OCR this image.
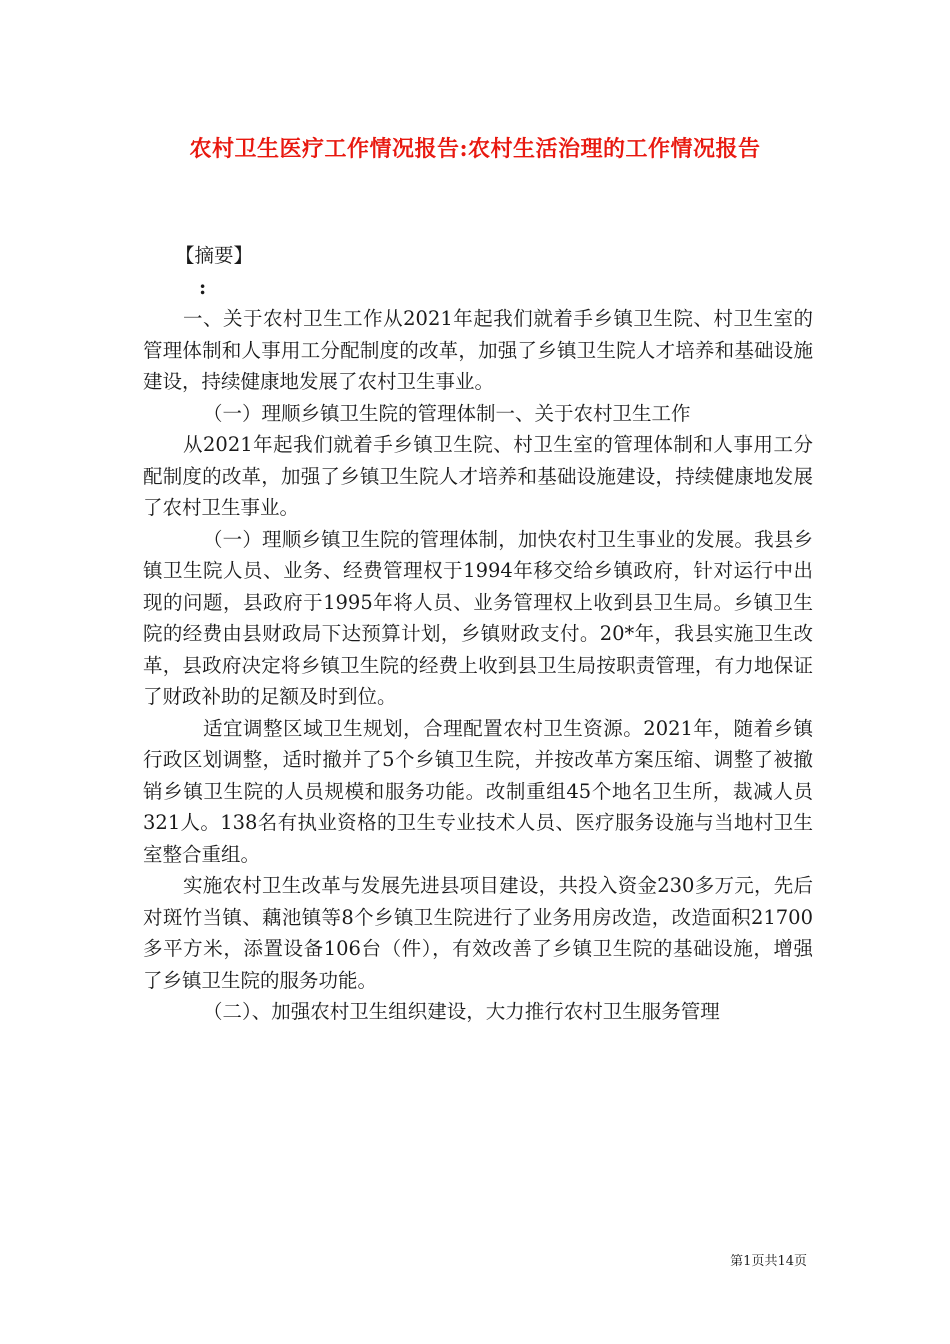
农村卫生医疗工作情况报告:农村生活治理的工作情况报告

【摘要】

:

一、关于农村卫生工作从2021年起我们就着手乡镇卫生院、村卫生室的管理体制和人事用工分配制度的改革，加强了乡镇卫生院人才培养和基础设施建设，持续健康地发展了农村卫生事业。

（一）理顺乡镇卫生院的管理体制一、关于农村卫生工作

从2021年起我们就着手乡镇卫生院、村卫生室的管理体制和人事用工分配制度的改革，加强了乡镇卫生院人才培养和基础设施建设，持续健康地发展了农村卫生事业。

（一）理顺乡镇卫生院的管理体制，加快农村卫生事业的发展。我县乡镇卫生院人员、业务、经费管理权于1994年移交给乡镇政府，针对运行中出现的问题，县政府于1995年将人员、业务管理权上收到县卫生局。乡镇卫生院的经费由县财政局下达预算计划，乡镇财政支付。20*年，我县实施卫生改革，县政府决定将乡镇卫生院的经费上收到县卫生局按职责管理，有力地保证了财政补助的足额及时到位。

适宜调整区域卫生规划，合理配置农村卫生资源。2021年，随着乡镇行政区划调整，适时撤并了5个乡镇卫生院，并按改革方案压缩、调整了被撤销乡镇卫生院的人员规模和服务功能。改制重组45个地名卫生所，裁减人员321人。138名有执业资格的卫生专业技术人员、医疗服务设施与当地村卫生室整合重组。

实施农村卫生改革与发展先进县项目建设，共投入资金230多万元，先后对斑竹当镇、藕池镇等8个乡镇卫生院进行了业务用房改造，改造面积21700多平方米，添置设备106台（件），有效改善了乡镇卫生院的基础设施，增强了乡镇卫生院的服务功能。

（二）、加强农村卫生组织建设，大力推行农村卫生服务管理

第1页共14页
